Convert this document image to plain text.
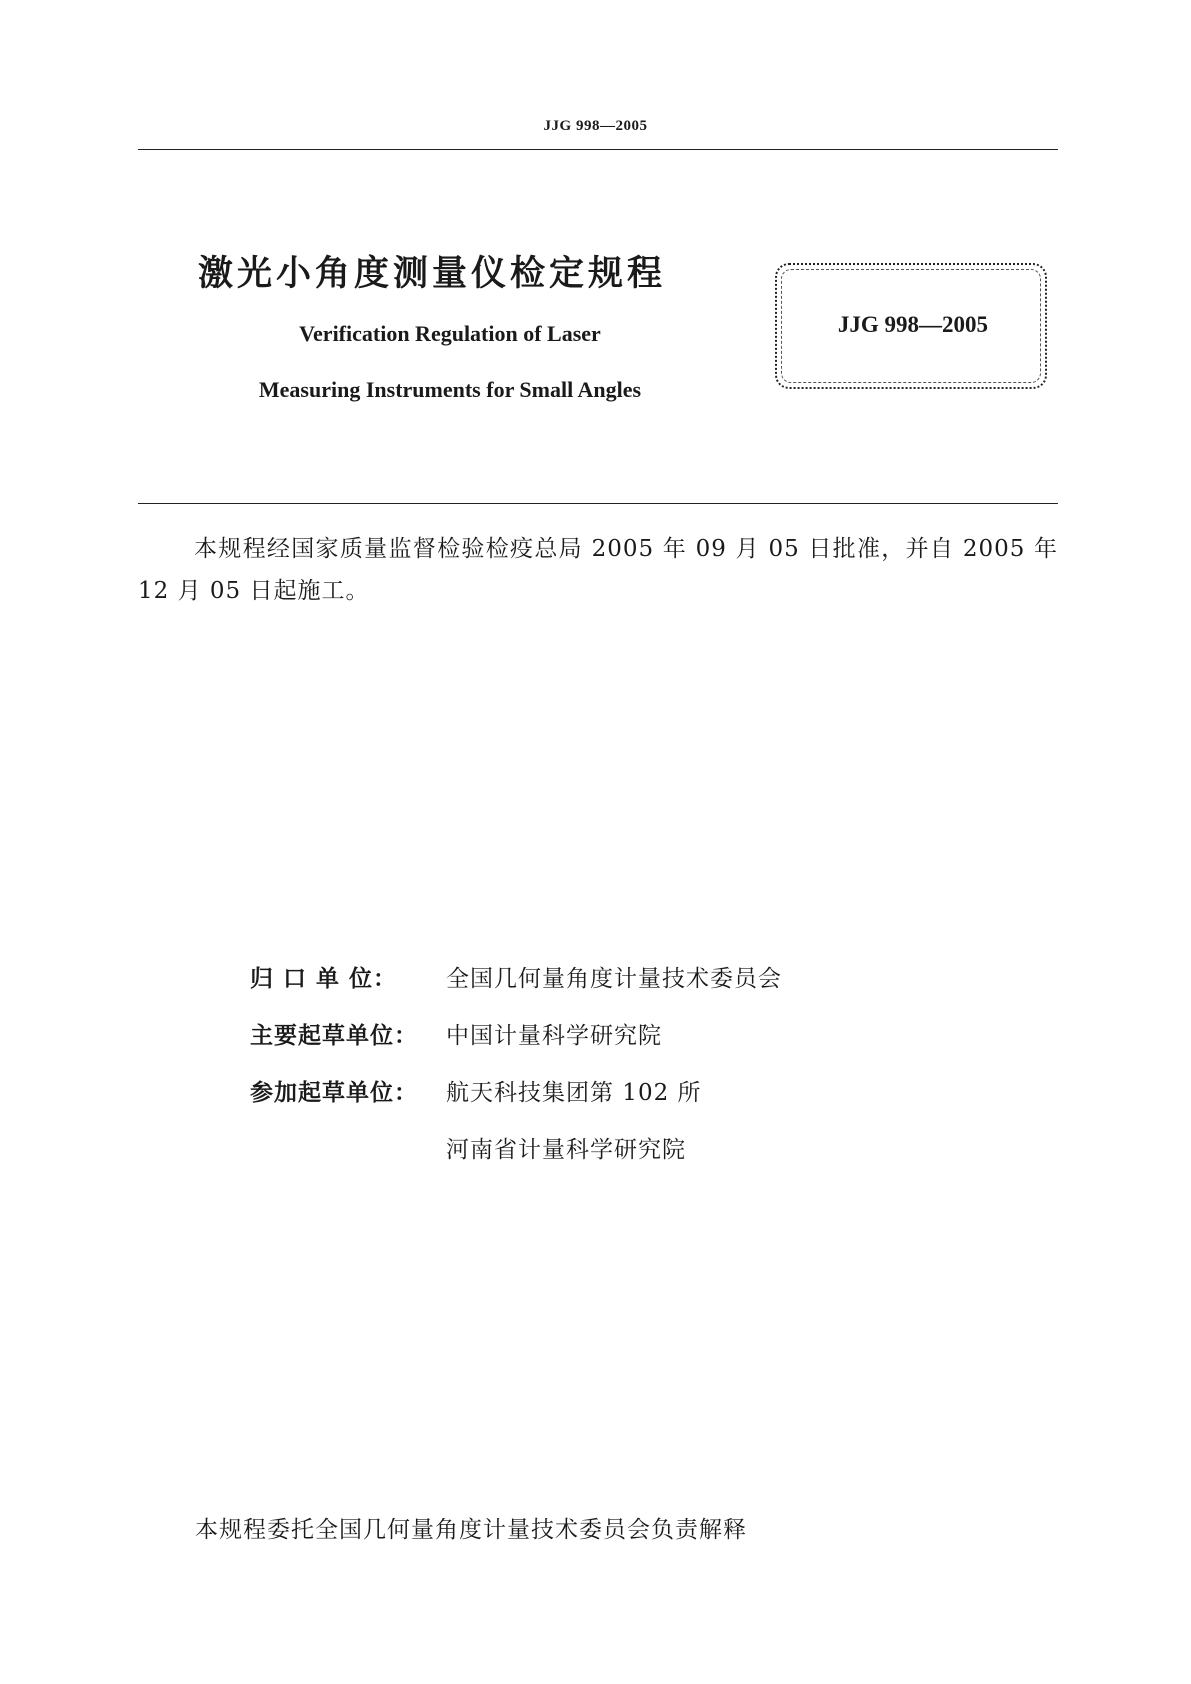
JJG 998—2005
激光小角度测量仪检定规程
Verification Regulation of Laser
Measuring Instruments for Small Angles
JJG 998—2005
本规程经国家质量监督检验检疫总局 2005 年 09 月 05 日批准，并自 2005 年 12 月 05 日起施工。
归 口 单 位：	全国几何量角度计量技术委员会
主要起草单位：	中国计量科学研究院
参加起草单位：	航天科技集团第 102 所
河南省计量科学研究院
本规程委托全国几何量角度计量技术委员会负责解释
